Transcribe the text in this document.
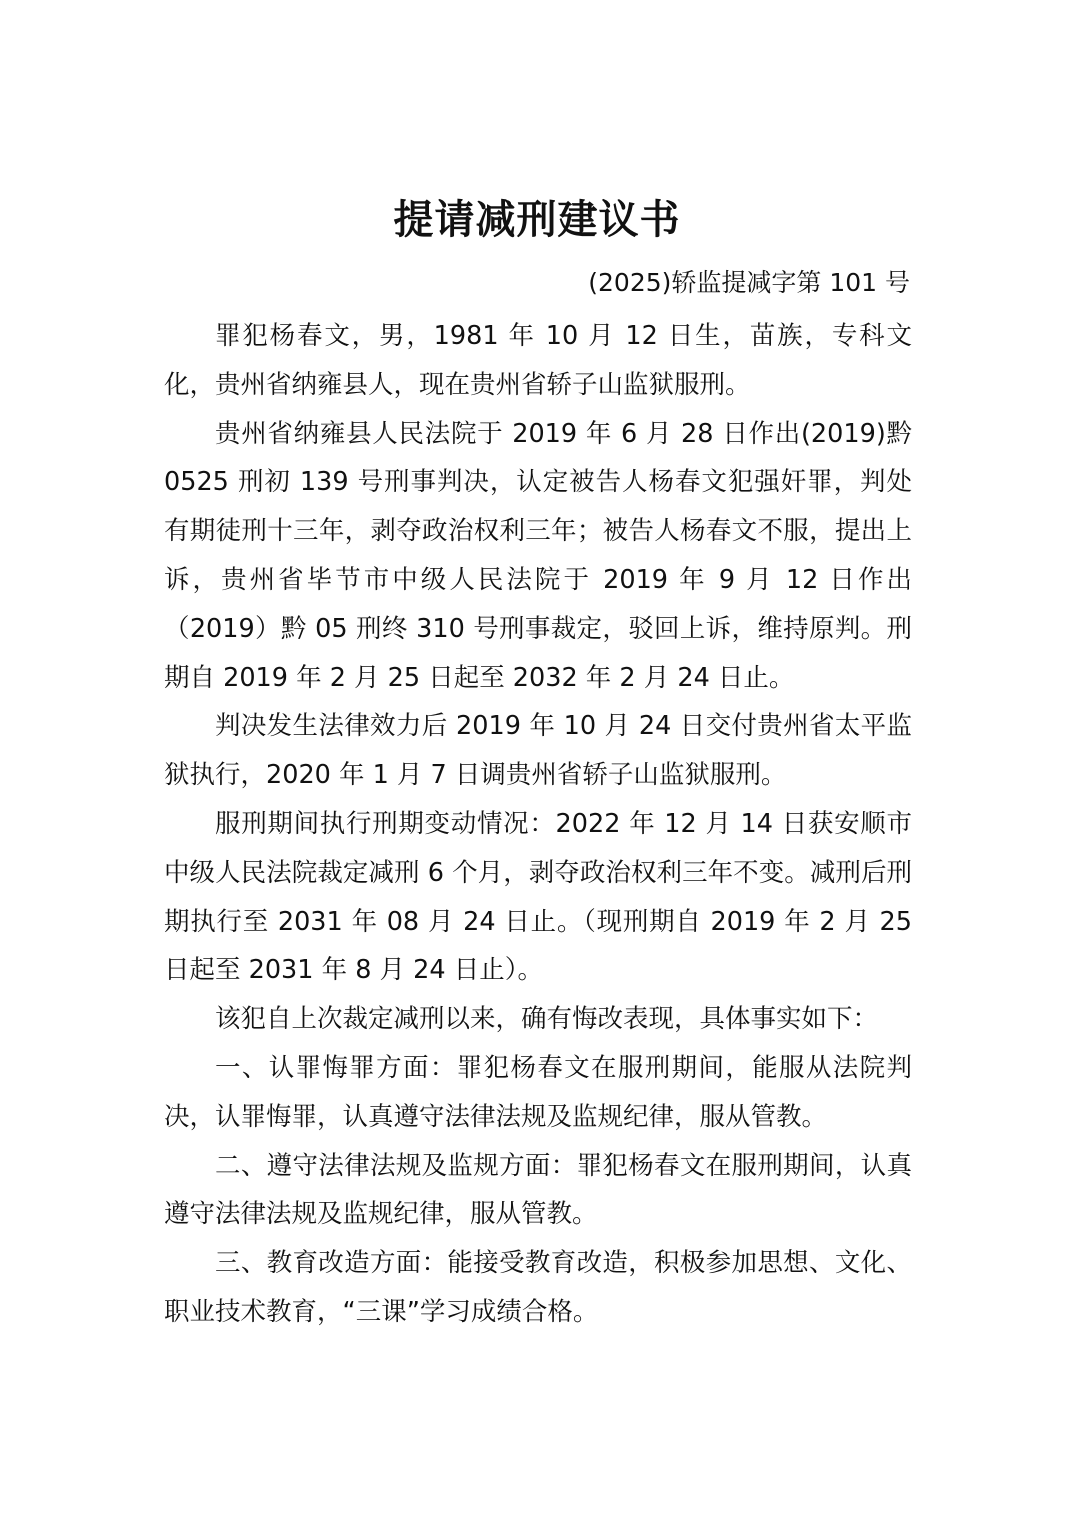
提请减刑建议书
(2025)轿监提减字第 101 号

罪犯杨春文，男，1981 年 10 月 12 日生，苗族，专科文化，贵州省纳雍县人，现在贵州省轿子山监狱服刑。

贵州省纳雍县人民法院于 2019 年 6 月 28 日作出(2019)黔 0525 刑初 139 号刑事判决，认定被告人杨春文犯强奸罪，判处有期徒刑十三年，剥夺政治权利三年；被告人杨春文不服，提出上诉，贵州省毕节市中级人民法院于 2019 年 9 月 12 日作出（2019）黔 05 刑终 310 号刑事裁定，驳回上诉，维持原判。刑期自 2019 年 2 月 25 日起至 2032 年 2 月 24 日止。

判决发生法律效力后 2019 年 10 月 24 日交付贵州省太平监狱执行，2020 年 1 月 7 日调贵州省轿子山监狱服刑。

服刑期间执行刑期变动情况：2022 年 12 月 14 日获安顺市中级人民法院裁定减刑 6 个月，剥夺政治权利三年不变。减刑后刑期执行至 2031 年 08 月 24 日止。（现刑期自 2019 年 2 月 25 日起至 2031 年 8 月 24 日止）。

该犯自上次裁定减刑以来，确有悔改表现，具体事实如下：

一、认罪悔罪方面：罪犯杨春文在服刑期间，能服从法院判决，认罪悔罪，认真遵守法律法规及监规纪律，服从管教。

二、遵守法律法规及监规方面：罪犯杨春文在服刑期间，认真遵守法律法规及监规纪律，服从管教。

三、教育改造方面：能接受教育改造，积极参加思想、文化、职业技术教育，“三课”学习成绩合格。
